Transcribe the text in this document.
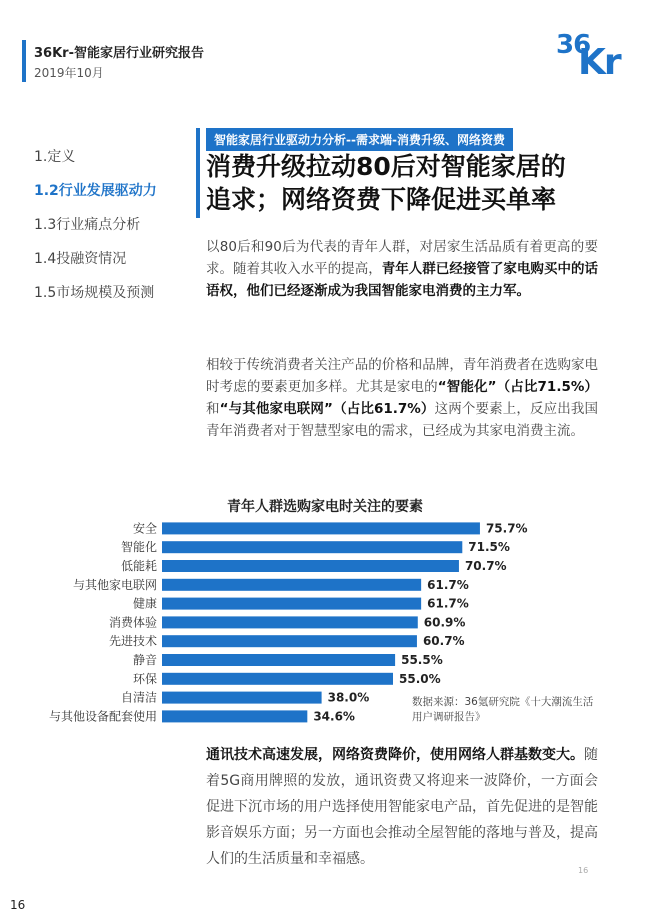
36Kr-智能家居行业研究报告
2019年10月
36
Kr
1.定义
1.2行业发展驱动力
1.3行业痛点分析
1.4投融资情况
1.5市场规模及预测
智能家居行业驱动力分析--需求端-消费升级、网络资费
消费升级拉动80后对智能家居的
追求；网络资费下降促进买单率
以80后和90后为代表的青年人群，对居家生活品质有着更高的要求。随着其收入水平的提高，青年人群已经接管了家电购买中的话语权，他们已经逐渐成为我国智能家电消费的主力军。
相较于传统消费者关注产品的价格和品牌，青年消费者在选购家电时考虑的要素更加多样。尤其是家电的“智能化”（占比71.5%）和“与其他家电联网”（占比61.7%）这两个要素上，反应出我国青年消费者对于智慧型家电的需求，已经成为其家电消费主流。
青年人群选购家电时关注的要素
安全	75.7%
智能化	71.5%
低能耗	70.7%
与其他家电联网	61.7%
健康	61.7%
消费体验	60.9%
先进技术	60.7%
静音	55.5%
环保	55.0%
自清洁	38.0%
与其他设备配套使用	34.6%
数据来源：36氪研究院《十大潮流生活用户调研报告》
通讯技术高速发展，网络资费降价，使用网络人群基数变大。随着5G商用牌照的发放，通讯资费又将迎来一波降价，一方面会促进下沉市场的用户选择使用智能家电产品，首先促进的是智能影音娱乐方面；另一方面也会推动全屋智能的落地与普及，提高人们的生活质量和幸福感。
16
16
